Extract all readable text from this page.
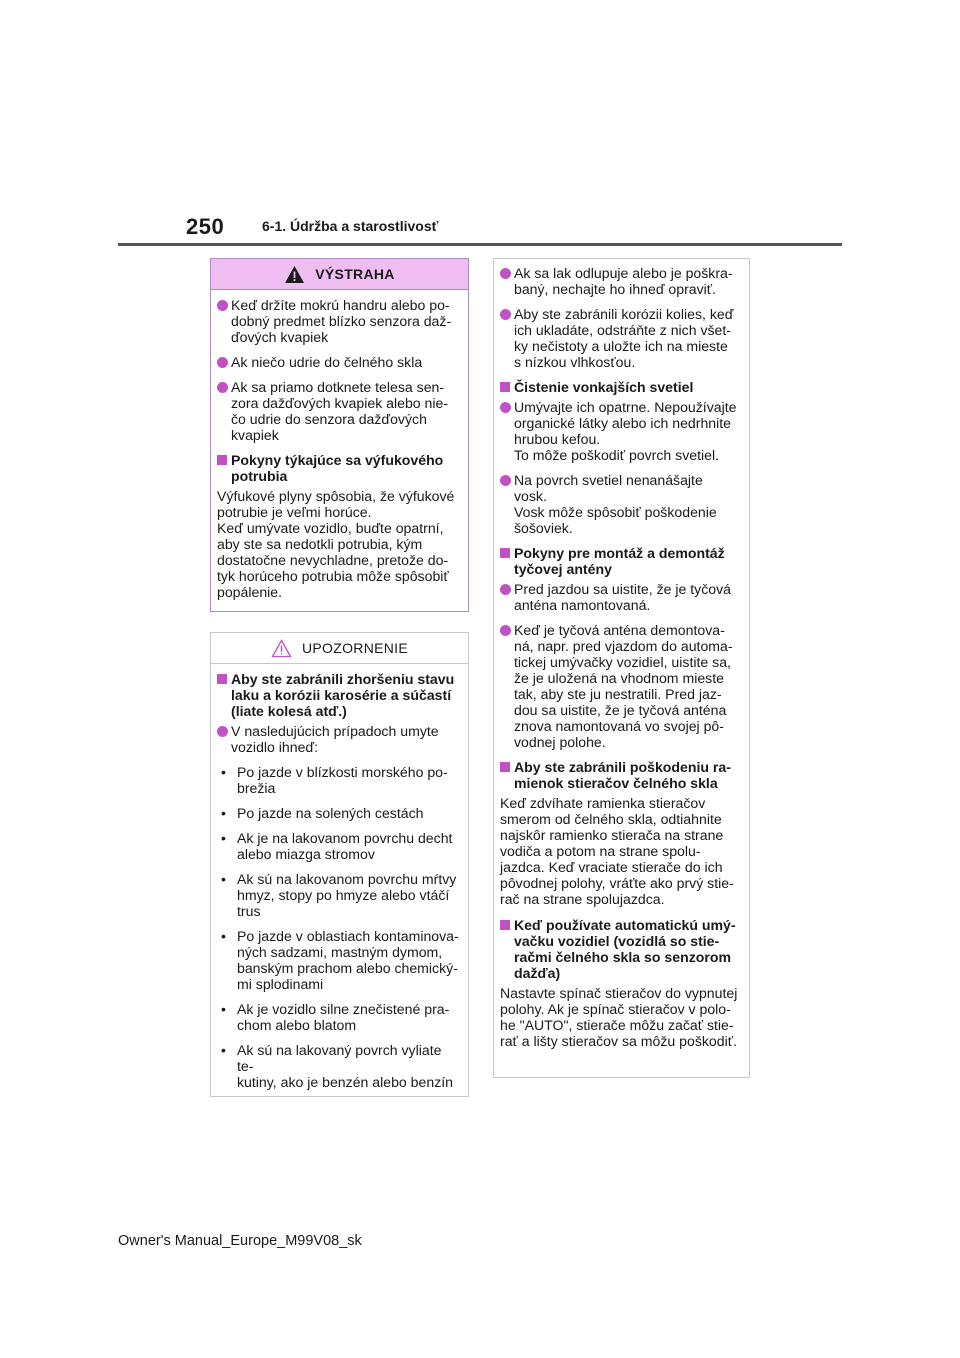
250	6-1. Údržba a starostlivosť
VÝSTRAHA
Keď držíte mokrú handru alebo po-
dobný predmet blízko senzora daž-
ďových kvapiek
Ak niečo udrie do čelného skla
Ak sa priamo dotknete telesa sen-
zora dažďových kvapiek alebo nie-
čo udrie do senzora dažďových
kvapiek
Pokyny týkajúce sa výfukového
potrubia
Výfukové plyny spôsobia, že výfukové
potrubie je veľmi horúce.
Keď umývate vozidlo, buďte opatrní,
aby ste sa nedotkli potrubia, kým
dostatočne nevychladne, pretože do-
tyk horúceho potrubia môže spôsobiť
popálenie.
UPOZORNENIE
Aby ste zabránili zhoršeniu stavu
laku a korózii karosérie a súčastí
(liate kolesá atď.)
V nasledujúcich prípadoch umyte
vozidlo ihneď:
• Po jazde v blízkosti morského po-
brežia
• Po jazde na solených cestách
• Ak je na lakovanom povrchu decht
alebo miazga stromov
• Ak sú na lakovanom povrchu mŕtvy
hmyz, stopy po hmyze alebo vtáčí
trus
• Po jazde v oblastiach kontaminova-
ných sadzami, mastným dymom,
banským prachom alebo chemický-
mi splodinami
• Ak je vozidlo silne znečistené pra-
chom alebo blatom
• Ak sú na lakovaný povrch vyliate te-
kutiny, ako je benzén alebo benzín
Ak sa lak odlupuje alebo je poškra-
baný, nechajte ho ihneď opraviť.
Aby ste zabránili korózii kolies, keď
ich ukladáte, odstráňte z nich všet-
ky nečistoty a uložte ich na mieste
s nízkou vlhkosťou.
Čistenie vonkajších svetiel
Umývajte ich opatrne. Nepoužívajte
organické látky alebo ich nedrhnite
hrubou kefou.
To môže poškodiť povrch svetiel.
Na povrch svetiel nenanášajte
vosk.
Vosk môže spôsobiť poškodenie
šošoviek.
Pokyny pre montáž a demontáž
tyčovej antény
Pred jazdou sa uistite, že je tyčová
anténa namontovaná.
Keď je tyčová anténa demontova-
ná, napr. pred vjazdom do automa-
tickej umývačky vozidiel, uistite sa,
že je uložená na vhodnom mieste
tak, aby ste ju nestratili. Pred jaz-
dou sa uistite, že je tyčová anténa
znova namontovaná vo svojej pô-
vodnej polohe.
Aby ste zabránili poškodeniu ra-
mienok stieračov čelného skla
Keď zdvíhate ramienka stieračov
smerom od čelného skla, odtiahnite
najskôr ramienko stierača na strane
vodiča a potom na strane spolu-
jazdca. Keď vraciate stierače do ich
pôvodnej polohy, vráťte ako prvý stie-
rač na strane spolujazdca.
Keď používate automatickú umý-
vačku vozidiel (vozidlá so stie-
račmi čelného skla so senzorom
dažďa)
Nastavte spínač stieračov do vypnutej
polohy. Ak je spínač stieračov v polo-
he "AUTO", stierače môžu začať stie-
rať a lišty stieračov sa môžu poškodiť.
Owner's Manual_Europe_M99V08_sk
